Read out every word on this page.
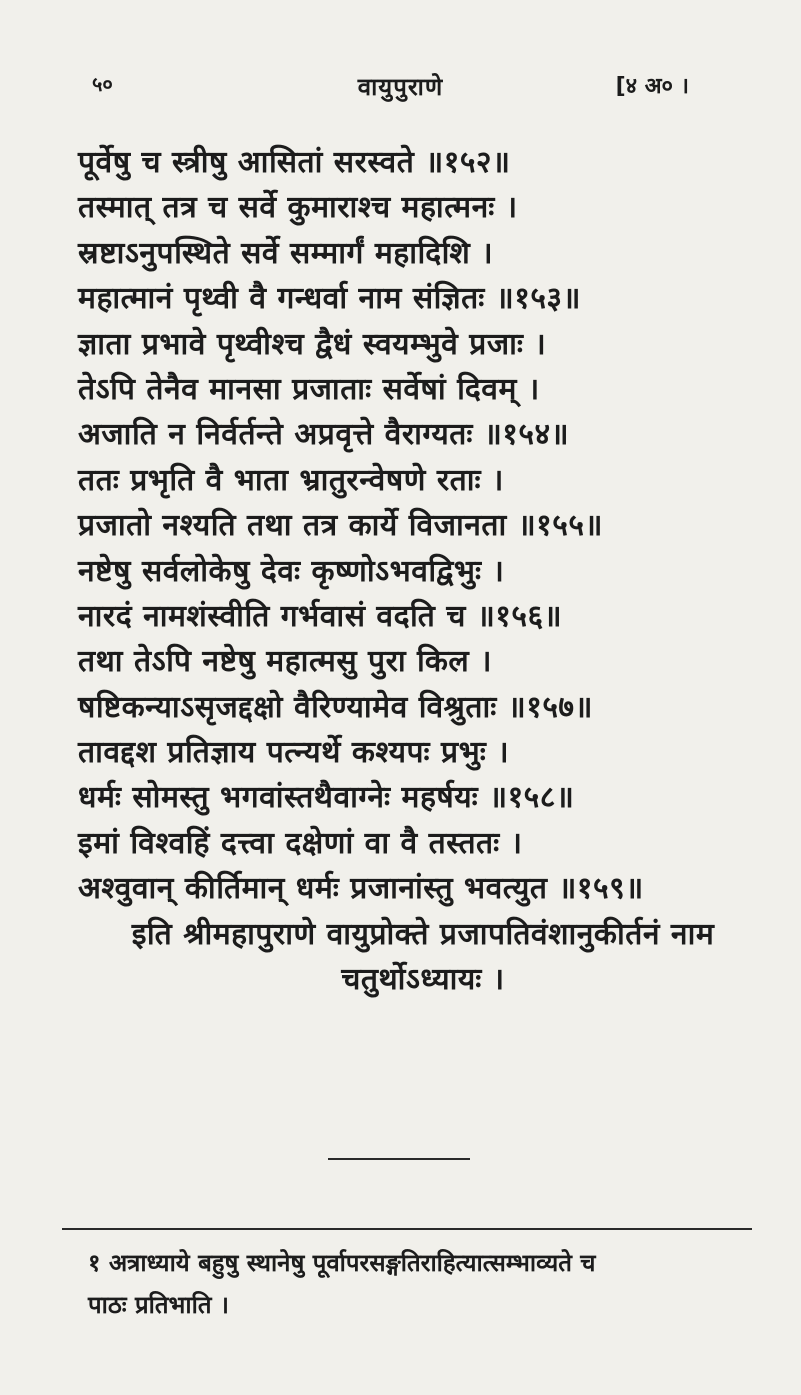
५०	वायुपुराणे	[४ अ० ।
पूर्वेषु च स्त्रीषु आसितां सरस्वते ॥१५२॥
तस्मात् तत्र च सर्वे कुमाराश्च महात्मनः ।
स्रष्टाऽनुपस्थिते सर्वे सम्मार्गं महादिशि ।
महात्मानं पृथ्वी वै गन्धर्वा नाम संज्ञितः ॥१५३॥
ज्ञाता प्रभावे पृथ्वीश्च द्वैधं स्वयम्भुवे प्रजाः ।
तेऽपि तेनैव मानसा प्रजाताः सर्वेषां दिवम् ।
अजाति न निर्वर्तन्ते अप्रवृत्ते वैराग्यतः ॥१५४॥
ततः प्रभृति वै भाता भ्रातुरन्वेषणे रताः ।
प्रजातो नश्यति तथा तत्र कार्ये विजानता ॥१५५॥
नष्टेषु सर्वलोकेषु देवः कृष्णोऽभवद्विभुः ।
नारदं नामशंस्वीति गर्भवासं वदति च ॥१५६॥
तथा तेऽपि नष्टेषु महात्मसु पुरा किल ।
षष्टिकन्याऽसृजद्दक्षो वैरिण्यामेव विश्रुताः ॥१५७॥
तावद्दश प्रतिज्ञाय पत्न्यर्थे कश्यपः प्रभुः ।
धर्मः सोमस्तु भगवांस्तथैवाग्नेः महर्षयः ॥१५८॥
इमां विश्वहिं दत्त्वा दक्षेणां वा वै तस्ततः ।
अश्वुवान् कीर्तिमान् धर्मः प्रजानांस्तु भवत्युत ॥१५९॥
इति श्रीमहापुराणे वायुप्रोक्ते प्रजापतिवंशानुकीर्तनं नाम
चतुर्थोऽध्यायः ।
१ अत्राध्याये बहुषु स्थानेषु पूर्वापरसङ्गतिराहित्यात्सम्भाव्यते च
पाठः प्रतिभाति ।
